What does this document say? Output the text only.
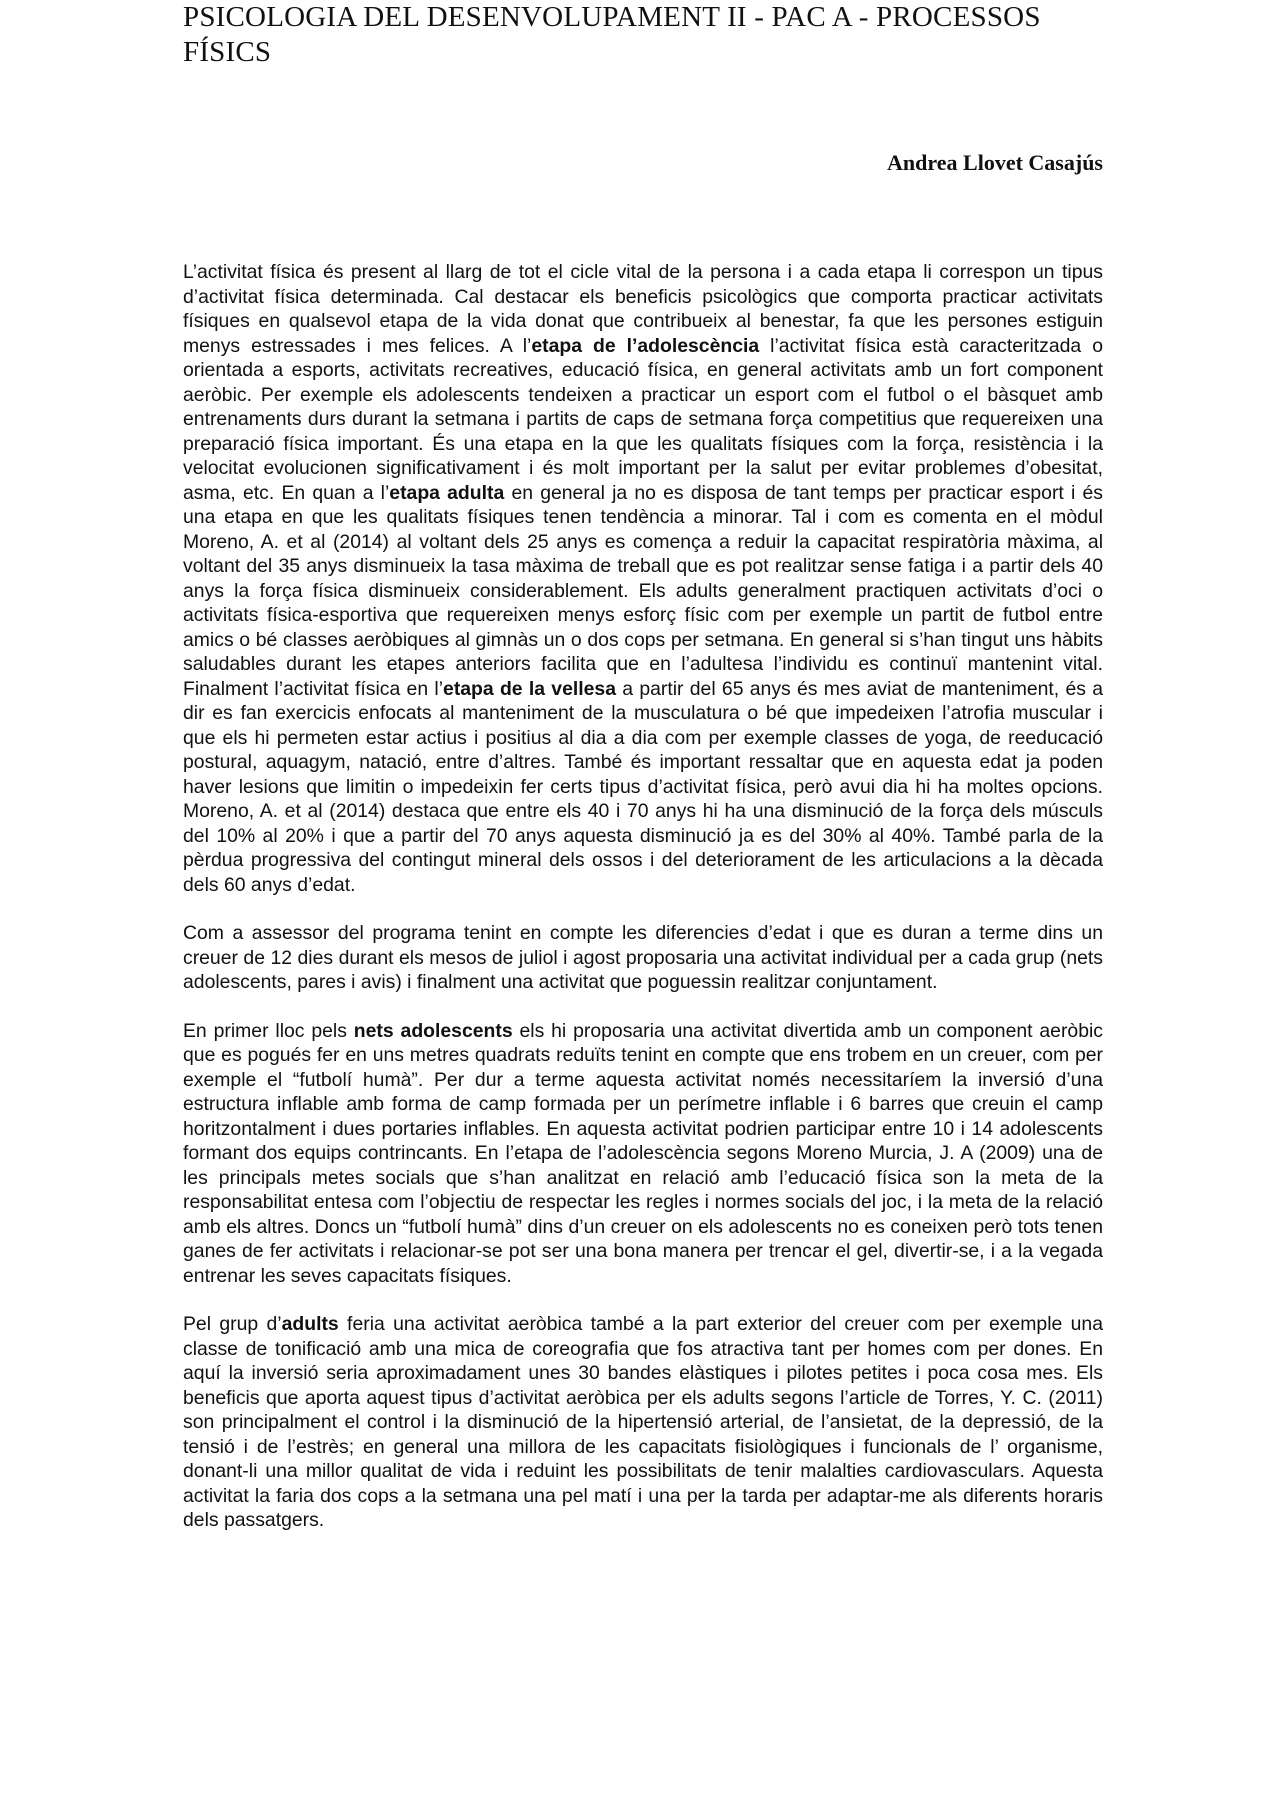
PSICOLOGIA DEL DESENVOLUPAMENT II - PAC A - PROCESSOS FÍSICS
Andrea Llovet Casajús

L’activitat física és present al llarg de tot el cicle vital de la persona i a cada etapa li correspon un tipus d’activitat física determinada. Cal destacar els beneficis psicològics que comporta practicar activitats físiques en qualsevol etapa de la vida donat que contribueix al benestar, fa que les persones estiguin menys estressades i mes felices. A l’etapa de l’adolescència l’activitat física està caracteritzada o orientada a esports, activitats recreatives, educació física, en general activitats amb un fort component aeròbic. Per exemple els adolescents tendeixen a practicar un esport com el futbol o el bàsquet amb entrenaments durs durant la setmana i partits de caps de setmana força competitius que requereixen una preparació física important. És una etapa en la que les qualitats físiques com la força, resistència i la velocitat evolucionen significativament i és molt important per la salut per evitar problemes d’obesitat, asma, etc. En quan a l’etapa adulta en general ja no es disposa de tant temps per practicar esport i és una etapa en que les qualitats físiques tenen tendència a minorar. Tal i com es comenta en el mòdul Moreno, A. et al (2014) al voltant dels 25 anys es comença a reduir la capacitat respiratòria màxima, al voltant del 35 anys disminueix la tasa màxima de treball que es pot realitzar sense fatiga i a partir dels 40 anys la força física disminueix considerablement. Els adults generalment practiquen activitats d’oci o activitats física-esportiva que requereixen menys esforç físic com per exemple un partit de futbol entre amics o bé classes aeròbiques al gimnàs un o dos cops per setmana. En general si s’han tingut uns hàbits saludables durant les etapes anteriors facilita que en l’adultesa l’individu es continuï mantenint vital. Finalment l’activitat física en l’etapa de la vellesa a partir del 65 anys és mes aviat de manteniment, és a dir es fan exercicis enfocats al manteniment de la musculatura o bé que impedeixen l’atrofia muscular i que els hi permeten estar actius i positius al dia a dia com per exemple classes de yoga, de reeducació postural, aquagym, natació, entre d’altres. També és important ressaltar que en aquesta edat ja poden haver lesions que limitin o impedeixin fer certs tipus d’activitat física, però avui dia hi ha moltes opcions. Moreno, A. et al (2014) destaca que entre els 40 i 70 anys hi ha una disminució de la força dels músculs del 10% al 20% i que a partir del 70 anys aquesta disminució ja es del 30% al 40%. També parla de la pèrdua progressiva del contingut mineral dels ossos i del deteriorament de les articulacions a la dècada dels 60 anys d’edat.

Com a assessor del programa tenint en compte les diferencies d’edat i que es duran a terme dins un creuer de 12 dies durant els mesos de juliol i agost proposaria una activitat individual per a cada grup (nets adolescents, pares i avis) i finalment una activitat que poguessin realitzar conjuntament.

En primer lloc pels nets adolescents els hi proposaria una activitat divertida amb un component aeròbic que es pogués fer en uns metres quadrats reduïts tenint en compte que ens trobem en un creuer, com per exemple el “futbolí humà”. Per dur a terme aquesta activitat només necessitaríem la inversió d’una estructura inflable amb forma de camp formada per un perímetre inflable i 6 barres que creuin el camp horitzontalment i dues portaries inflables. En aquesta activitat podrien participar entre 10 i 14 adolescents formant dos equips contrincants. En l’etapa de l’adolescència segons Moreno Murcia, J. A (2009) una de les principals metes socials que s’han analitzat en relació amb l’educació física son la meta de la responsabilitat entesa com l’objectiu de respectar les regles i normes socials del joc, i la meta de la relació amb els altres. Doncs un “futbolí humà” dins d’un creuer on els adolescents no es coneixen però tots tenen ganes de fer activitats i relacionar-se pot ser una bona manera per trencar el gel, divertir-se, i a la vegada entrenar les seves capacitats físiques.

Pel grup d’adults feria una activitat aeròbica també a la part exterior del creuer com per exemple una classe de tonificació amb una mica de coreografia que fos atractiva tant per homes com per dones. En aquí la inversió seria aproximadament unes 30 bandes elàstiques i pilotes petites i poca cosa mes. Els beneficis que aporta aquest tipus d’activitat aeròbica per els adults segons l’article de Torres, Y. C. (2011) son principalment el control i la disminució de la hipertensió arterial, de l’ansietat, de la depressió, de la tensió i de l’estrès; en general una millora de les capacitats fisiològiques i funcionals de l’ organisme, donant-li una millor qualitat de vida i reduint les possibilitats de tenir malalties cardiovasculars. Aquesta activitat la faria dos cops a la setmana una pel matí i una per la tarda per adaptar-me als diferents horaris dels passatgers.
